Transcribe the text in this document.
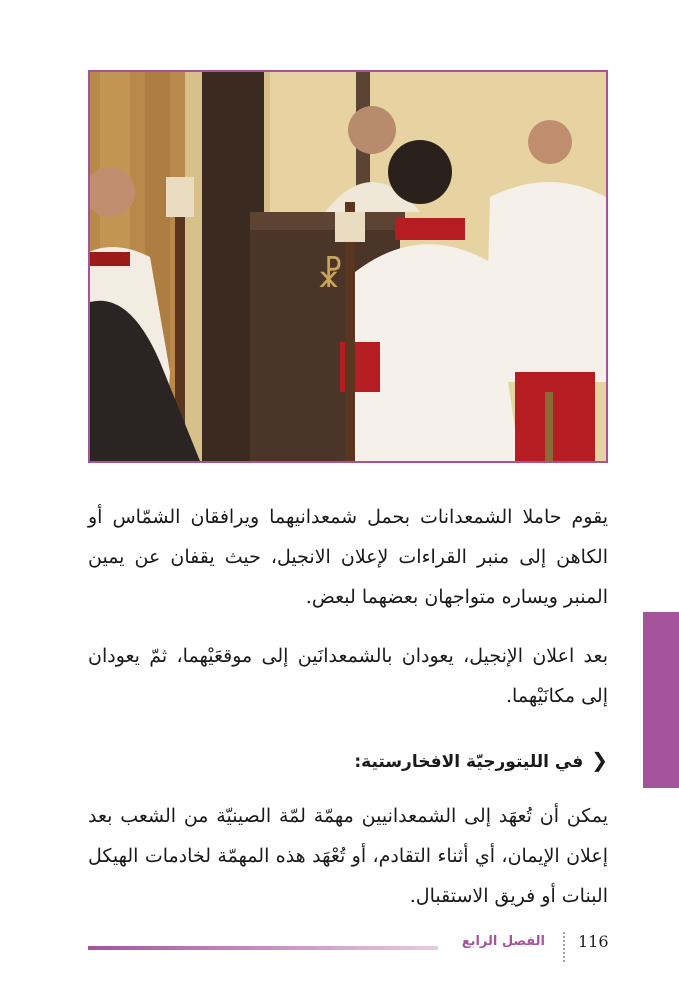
☧

يقوم حاملا الشمعدانات بحمل شمعدانيهما ويرافقان الشمّاس أو الكاهن إلى منبر القراءات لإعلان الانجيل، حيث يقفان عن يمين المنبر ويساره متواجهان بعضهما لبعض.

بعد اعلان الإنجيل، يعودان بالشمعدانَين إلى موقعَيْهما، ثمّ يعودان إلى مكانَيْهما.

❮في الليتورجيّة الافخارستية:

يمكن أن تُعهَد إلى الشمعدانيين مهمّة لمّة الصينيّة من الشعب بعد إعلان الإيمان، أي أثناء التقادم، أو تُعْهَد هذه المهمّة لخادمات الهيكل البنات أو فريق الاستقبال.

الفصل الرابع 116
